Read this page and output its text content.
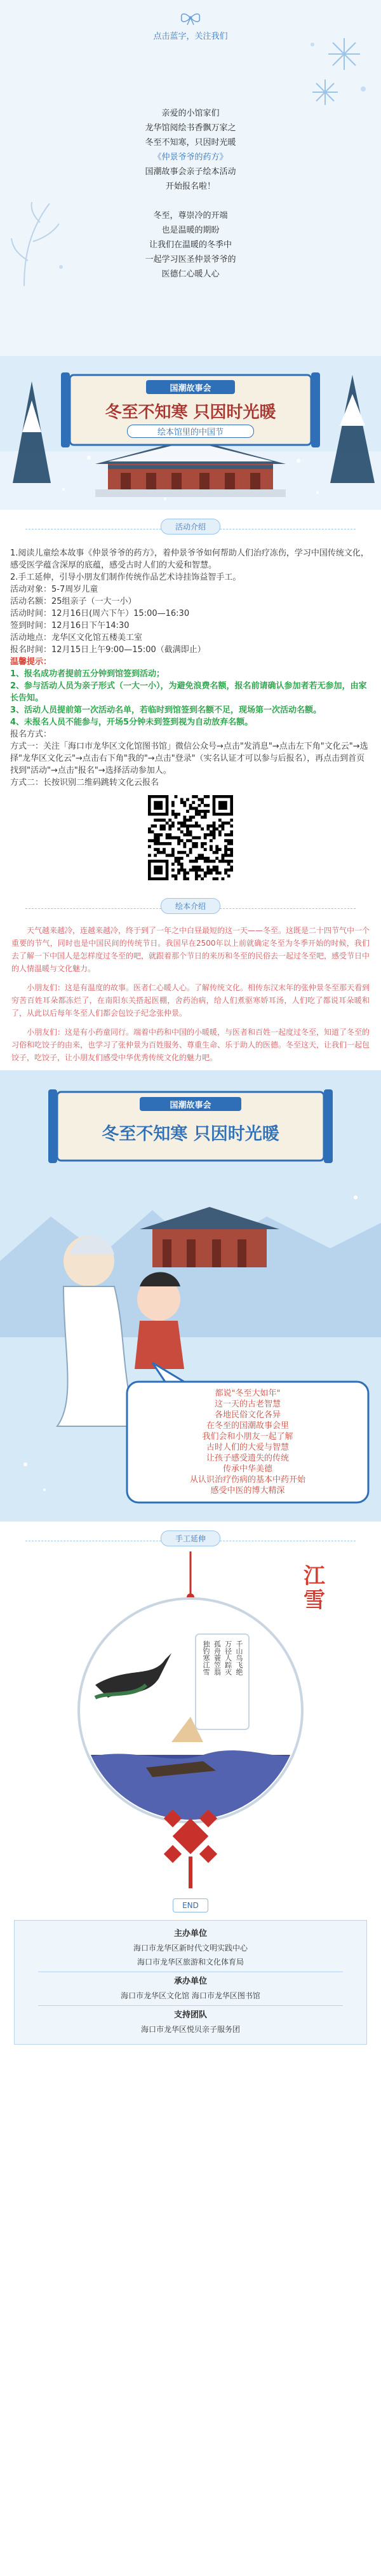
点击蓝字，关注我们

亲爱的小馆家们

龙华馆阅绘书香飘万家之

冬至不知寒，只因时光暖

《仲景爷爷的药方》

国潮故事会亲子绘本活动

开始报名啦！

冬至，尊崇冷的开端

也是温暖的期盼

让我们在温暖的冬季中

一起学习医圣仲景爷爷的

医德仁心暖人心

国潮故事会
冬至不知寒 只因时光暖
绘本馆里的中国节
活动介绍

1.阅读儿童绘本故事《仲景爷爷的药方》，着仲景爷爷如何帮助人们治疗冻伤，学习中国传统文化，感受医学蕴含深厚的底蕴，感受古时人们的大爱和智慧。

2.手工延伸，引导小朋友们制作传统作品艺术诗挂饰益智手工。

活动对象：5-7周岁儿童

活动名额：25组亲子（一大一小）

活动时间：12月16日(周六下午）15:00—16:30

签到时间：12月16日下午14:30

活动地点：龙华区文化馆五楼美工室

报名时间：12月15日上午9:00—15:00（截满即止）

温馨提示：

1、报名成功者提前五分钟到馆签到活动；

2、参与活动人员为亲子形式（一大一小），为避免浪费名额，报名前请确认参加者若无参加，由家长告知。

3、活动人员提前第一次活动名单，若临时到馆签到名额不足，现场第一次活动名额。

4、未报名人员不能参与，开场5分钟未到签到视为自动放弃名额。

报名方式：

方式一：关注「海口市龙华区文化馆图书馆」微信公众号→点击"发消息"→点击左下角"文化云"→选择"龙华区文化云"→点击右下角"我的"→点击"登录"（实名认证才可以参与后报名），再点击到首页找到"活动"→点击"报名"→选择活动参加人。

方式二：长按识别二维码跳转文化云报名

绘本介绍

天气越来越冷，连越来越冷，终于到了一年之中白昼最短的这一天——冬至。这既是二十四节气中一个重要的节气，同时也是中国民间的传统节日。我国早在2500年以上前就确定冬至为冬季开始的时候，我们去了解一下中国人是怎样度过冬至的吧，就跟着那个节日的来历和冬至的民俗去一起过冬至吧，感受节日中的人情温暖与文化魅力。

小朋友们：这是有温度的故事。医者仁心暖人心。了解传统文化。相传东汉末年的张仲景冬至那天看到穷苦百姓耳朵都冻烂了，在南阳东关搭起医棚，舍药治病，给人们煮驱寒娇耳汤，人们吃了都说耳朵暖和了，从此以后每年冬至人们都会包饺子纪念张仲景。

小朋友们：这是有小药童同行。端着中药和中国的小暖暖，与医者和百姓一起度过冬至，知道了冬至的习俗和吃饺子的由来，也学习了张仲景为百姓服务、尊重生命、乐于助人的医德。冬至这天，让我们一起包饺子，吃饺子，让小朋友们感受中华优秀传统文化的魅力吧。

国潮故事会
冬至不知寒 只因时光暖
都说"冬至大如年"
这一天的古老智慧
各地民俗文化各异
在冬至的国潮故事会里
我们会和小朋友一起了解
古时人们的大爱与智慧
让孩子感受遗失的传统
传承中华美德
从认识治疗伤病的基本中药开始
感受中医的博大精深
手工延伸
江雪
千山鸟飞绝
万径人踪灭
孤舟蓑笠翁
独钓寒江雪
END
主办单位
海口市龙华区新时代文明实践中心
海口市龙华区旅游和文化体育局
承办单位
海口市龙华区文化馆 海口市龙华区图书馆
支持团队
海口市龙华区悦贝亲子服务团
